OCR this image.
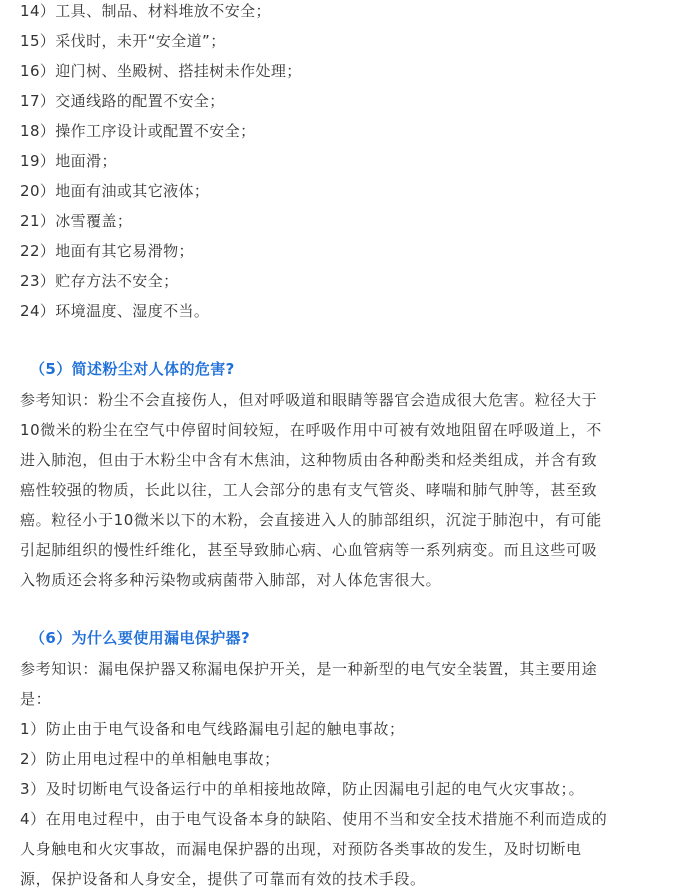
14）工具、制品、材料堆放不安全；
15）采伐时，未开“安全道”；
16）迎门树、坐殿树、搭挂树未作处理；
17）交通线路的配置不安全；
18）操作工序设计或配置不安全；
19）地面滑；
20）地面有油或其它液体；
21）冰雪覆盖；
22）地面有其它易滑物；
23）贮存方法不安全；
24）环境温度、湿度不当。
（5）简述粉尘对人体的危害?
参考知识：粉尘不会直接伤人，但对呼吸道和眼睛等器官会造成很大危害。粒径大于
10微米的粉尘在空气中停留时间较短，在呼吸作用中可被有效地阻留在呼吸道上，不
进入肺泡，但由于木粉尘中含有木焦油，这种物质由各种酚类和烃类组成，并含有致
癌性较强的物质，长此以往，工人会部分的患有支气管炎、哮喘和肺气肿等，甚至致
癌。粒径小于10微米以下的木粉，会直接进入人的肺部组织，沉淀于肺泡中，有可能
引起肺组织的慢性纤维化，甚至导致肺心病、心血管病等一系列病变。而且这些可吸
入物质还会将多种污染物或病菌带入肺部，对人体危害很大。
（6）为什么要使用漏电保护器?
参考知识：漏电保护器又称漏电保护开关，是一种新型的电气安全装置，其主要用途
是：
1）防止由于电气设备和电气线路漏电引起的触电事故；
2）防止用电过程中的单相触电事故；
3）及时切断电气设备运行中的单相接地故障，防止因漏电引起的电气火灾事故；。
4）在用电过程中，由于电气设备本身的缺陷、使用不当和安全技术措施不利而造成的
人身触电和火灾事故，而漏电保护器的出现，对预防各类事故的发生，及时切断电
源，保护设备和人身安全，提供了可靠而有效的技术手段。
